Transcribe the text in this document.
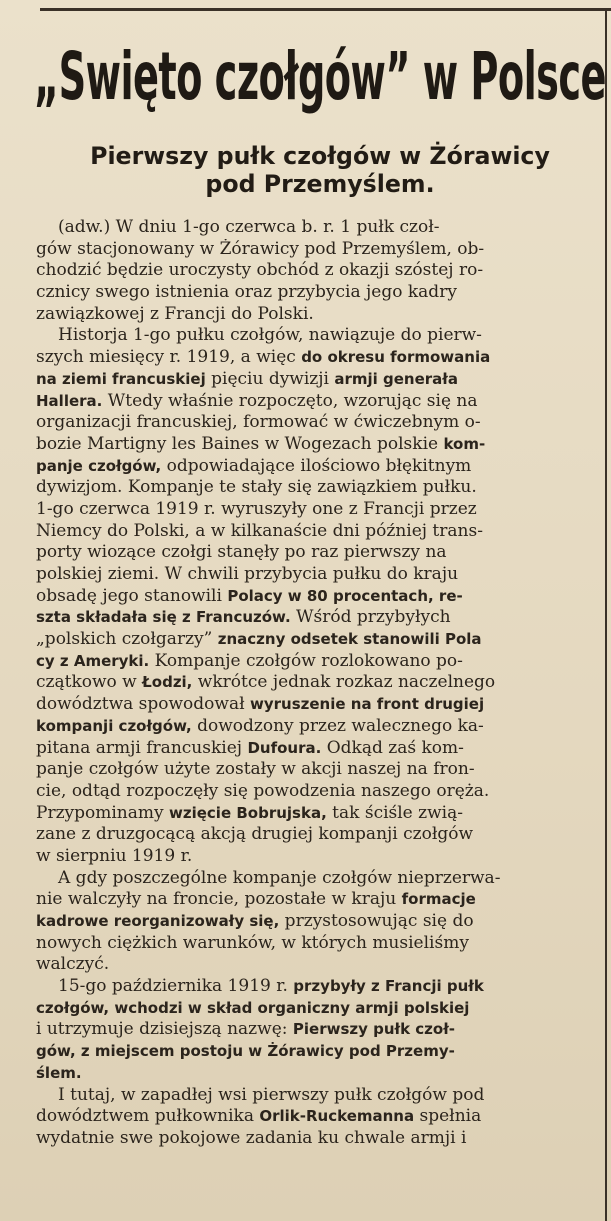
„Swięto czołgów” w Polsce
Pierwszy pułk czołgów w Żórawicy
pod Przemyślem.
(adw.) W dniu 1-go czerwca b. r. 1 pułk czoł-
gów stacjonowany w Żórawicy pod Przemyślem, ob-
chodzić będzie uroczysty obchód z okazji szóstej ro-
cznicy swego istnienia oraz przybycia jego kadry
zawiązkowej z Francji do Polski.
Historja 1-go pułku czołgów, nawiązuje do pierw-
szych miesięcy r. 1919, a więc do okresu formowania
na ziemi francuskiej pięciu dywizji armji generała
Hallera. Wtedy właśnie rozpoczęto, wzorując się na
organizacji francuskiej, formować w ćwiczebnym o-
bozie Martigny les Baines w Wogezach polskie kom-
panje czołgów, odpowiadające ilościowo błękitnym
dywizjom. Kompanje te stały się zawiązkiem pułku.
1-go czerwca 1919 r. wyruszyły one z Francji przez
Niemcy do Polski, a w kilkanaście dni później trans-
porty wiozące czołgi stanęły po raz pierwszy na
polskiej ziemi. W chwili przybycia pułku do kraju
obsadę jego stanowili Polacy w 80 procentach, re-
szta składała się z Francuzów. Wśród przybyłych
„polskich czołgarzy” znaczny odsetek stanowili Pola
cy z Ameryki. Kompanje czołgów rozlokowano po-
czątkowo w Łodzi, wkrótce jednak rozkaz naczelnego
dowództwa spowodował wyruszenie na front drugiej
kompanji czołgów, dowodzony przez walecznego ka-
pitana armji francuskiej Dufoura. Odkąd zaś kom-
panje czołgów użyte zostały w akcji naszej na fron-
cie, odtąd rozpoczęły się powodzenia naszego oręża.
Przypominamy wzięcie Bobrujska, tak ściśle zwią-
zane z druzgocącą akcją drugiej kompanji czołgów
w sierpniu 1919 r.
A gdy poszczególne kompanje czołgów nieprzerwa-
nie walczyły na froncie, pozostałe w kraju formacje
kadrowe reorganizowały się, przystosowując się do
nowych ciężkich warunków, w których musieliśmy
walczyć.
15-go października 1919 r. przybyły z Francji pułk
czołgów, wchodzi w skład organiczny armji polskiej
i utrzymuje dzisiejszą nazwę: Pierwszy pułk czoł-
gów, z miejscem postoju w Żórawicy pod Przemy-
ślem.
I tutaj, w zapadłej wsi pierwszy pułk czołgów pod
dowództwem pułkownika Orlik-Ruckemanna spełnia
wydatnie swe pokojowe zadania ku chwale armji i
